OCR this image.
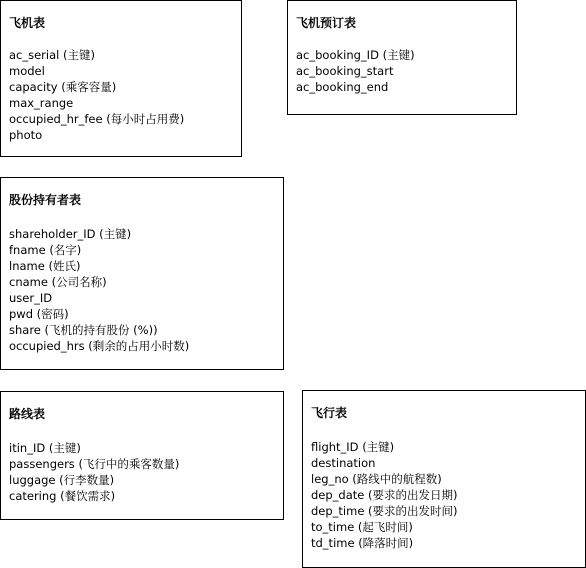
飞机表
ac_serial (主键)
model
capacity (乘客容量)
max_range
occupied_hr_fee (每小时占用费)
photo
飞机预订表
ac_booking_ID (主键)
ac_booking_start
ac_booking_end
股份持有者表
shareholder_ID (主键)
fname (名字)
lname (姓氏)
cname (公司名称)
user_ID
pwd (密码)
share (飞机的持有股份 (%))
occupied_hrs (剩余的占用小时数)
路线表
itin_ID (主键)
passengers (飞行中的乘客数量)
luggage (行李数量)
catering (餐饮需求)
飞行表
flight_ID (主键)
destination
leg_no (路线中的航程数)
dep_date (要求的出发日期)
dep_time (要求的出发时间)
to_time (起飞时间)
td_time (降落时间)
